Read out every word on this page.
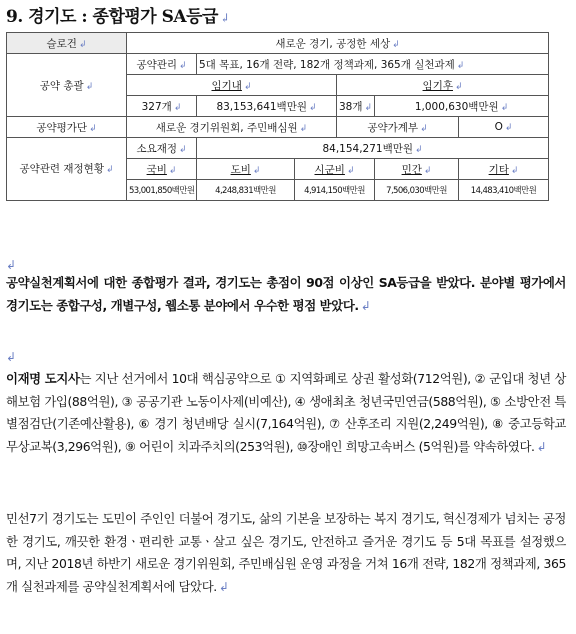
9. 경기도 : 종합평가 SA등급 ↲
슬로건 ↲	새로운 경기, 공정한 세상 ↲					
공약 총괄 ↲	공약관리 ↲	5대 목표, 16개 전략, 182개 정책과제, 365개 실천과제 ↲				
	임기내 ↲			임기후 ↲		
	327개 ↲	83,153,641백만원 ↲		38개 ↲	1,000,630백만원 ↲	
공약평가단 ↲	새로운 경기위원회, 주민배심원 ↲			공약가계부 ↲		O ↲
공약관련 재정현황 ↲	소요재정 ↲	84,154,271백만원 ↲				
	국비 ↲	도비 ↲	시군비 ↲		민간 ↲	기타 ↲
	53,001,850백만원	4,248,831백만원	4,914,150백만원		7,506,030백만원	14,483,410백만원
↲
공약실천계획서에 대한 종합평가 결과, 경기도는 총점이 90점 이상인 SA등급을 받았다. 분야별 평가에서 경기도는 종합구성, 개별구성, 웹소통 분야에서 우수한 평점 받았다. ↲
↲
이재명 도지사는 지난 선거에서 10대 핵심공약으로 ① 지역화폐로 상권 활성화(712억원), ② 군입대 청년 상해보험 가입(88억원), ③ 공공기관 노동이사제(비예산), ④ 생애최초 청년국민연금(588억원), ⑤ 소방안전 특별점검단(기존예산활용), ⑥ 경기 청년배당 실시(7,164억원), ⑦ 산후조리 지원(2,249억원), ⑧ 중고등학교 무상교복(3,296억원), ⑨ 어린이 치과주치의(253억원), ⑩장애인 희망고속버스 (5억원)를 약속하였다. ↲
민선7기 경기도는 도민이 주인인 더불어 경기도, 삶의 기본을 보장하는 복지 경기도, 혁신경제가 넘치는 공정한 경기도, 깨끗한 환경ㆍ편리한 교통ㆍ살고 싶은 경기도, 안전하고 즐거운 경기도 등 5대 목표를 설정했으며, 지난 2018년 하반기 새로운 경기위원회, 주민배심원 운영 과정을 거쳐 16개 전략, 182개 정책과제, 365개 실천과제를 공약실천계획서에 담았다. ↲
